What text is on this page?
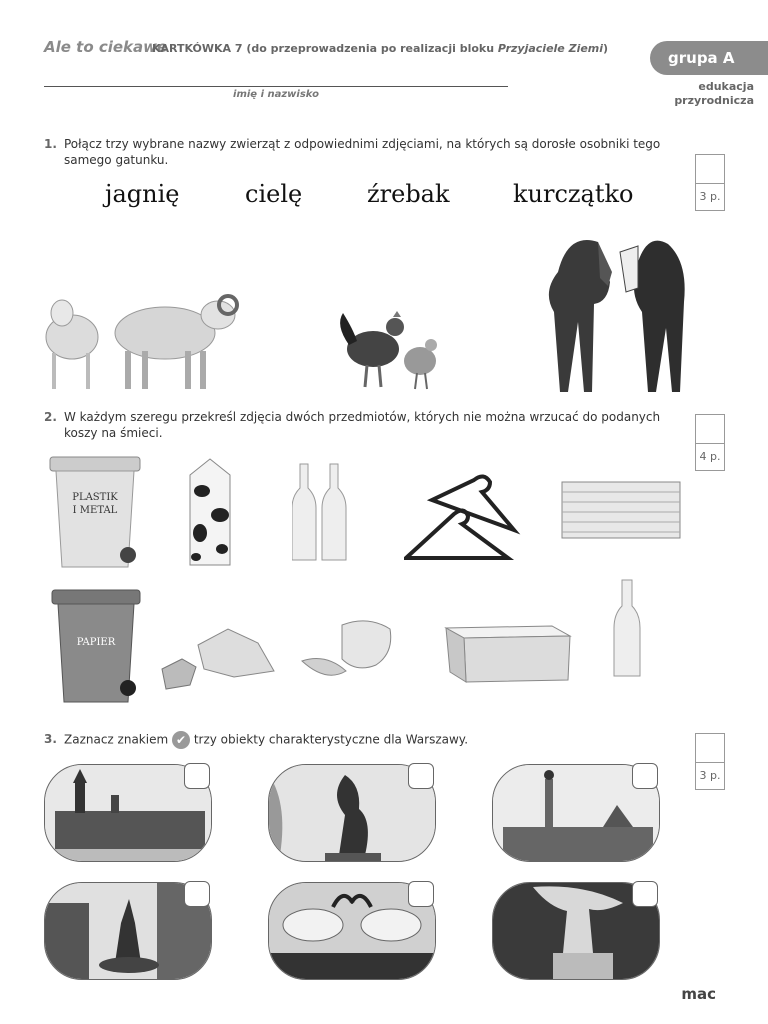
Ale to ciekawe
KARTKÓWKA 7 (do przeprowadzenia po realizacji bloku Przyjaciele Ziemi)
imię i nazwisko
grupa A
edukacja
przyrodnicza
1. Połącz trzy wybrane nazwy zwierząt z odpowiednimi zdjęciami, na których są dorosłe osobniki tego samego gatunku.
3 p.
jagnię	cielę	źrebak	kurczątko
2. W każdym szeregu przekreśl zdjęcia dwóch przedmiotów, których nie można wrzucać do podanych koszy na śmieci.
4 p.
PLASTIK
I METAL
PAPIER
3. Zaznacz znakiem ✔ trzy obiekty charakterystyczne dla Warszawy.
3 p.
mac
